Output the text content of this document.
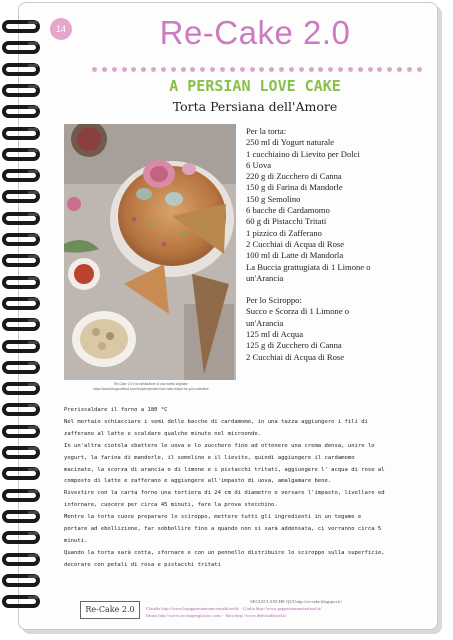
14	Re-Cake 2.0
A PERSIAN LOVE CAKE
Torta Persiana dell'Amore
Re-Cake 2.0 è la rivisitazione di una ricetta originale
https://www.bbcgoodfood.com/recipes/persian-love-cake-recipe-for-your-valentine
Per la torta:
250 ml di Yogurt naturale
1 cucchiaino di Lievito per Dolci
6 Uova
220 g di Zucchero di Canna
150 g di Farina di Mandorle
150 g Semolino
6 bacche di Cardamomo
60 g di Pistacchi Tritati
1 pizzico di Zafferano
2 Cucchiai di Acqua di Rose
100 ml di Latte di Mandorla
La Buccia grattugiata di 1 Limone o
un'Arancia
Per lo Sciroppo:
Succo e Scorza di 1 Limone o
un'Arancia
125 ml di Acqua
125 g di Zucchero di Canna
2 Cucchiai di Acqua di Rose

Preriscaldare il forno a 180 °C

Nel mortaio schiacciare i semi delle bacche di cardamomo, in una tazza aggiungere i fili di

zafferano al latte e scaldare qualche minuto nel microonde.

In un'altra ciotola sbattere le uova e lo zucchero fino ad ottenere una crema densa, unire lo

yogurt, la farina di mandorle, il semolino e il lievito, quindi aggiungere il cardamomo

macinato, la scorza di arancia o di limone e i pistacchi tritati, aggiungere l' acqua di rose al

composto di latte e zafferano e aggiungere all'impasto di uova, amalgamare bene.

Rivestire con la carta forno una tortiera di 24 cm di diametro e versare l'impasto, livellare ed

infornare, cuocere per circa 45 minuti, fare la prova stecchino.

Mentre la torta cuoce preparare lo sciroppo, mettere tutti gli ingredienti in un tegame e

portare ad ebollizione, far sobbollire fino a quando non si sarà addensata, ci vorranno circa 5

minuti.

Quando la torta sarà cotta, sfornare e con un pennello distribuire lo sciroppo sulla superficie,

decorare con petali di rosa e pistacchi tritati

Re-Cake 2.0
SEGUICI ANCHE QUI http://re-cake.blogspot.it/
Claudia http://www.lapappaetainnamoratadifoodit/ · Giulia http://www.peppersonmetterfood.it/
Ileana http://www.cucinaperglostoo.com/ · Sara http://www.deleziadifood.it/
